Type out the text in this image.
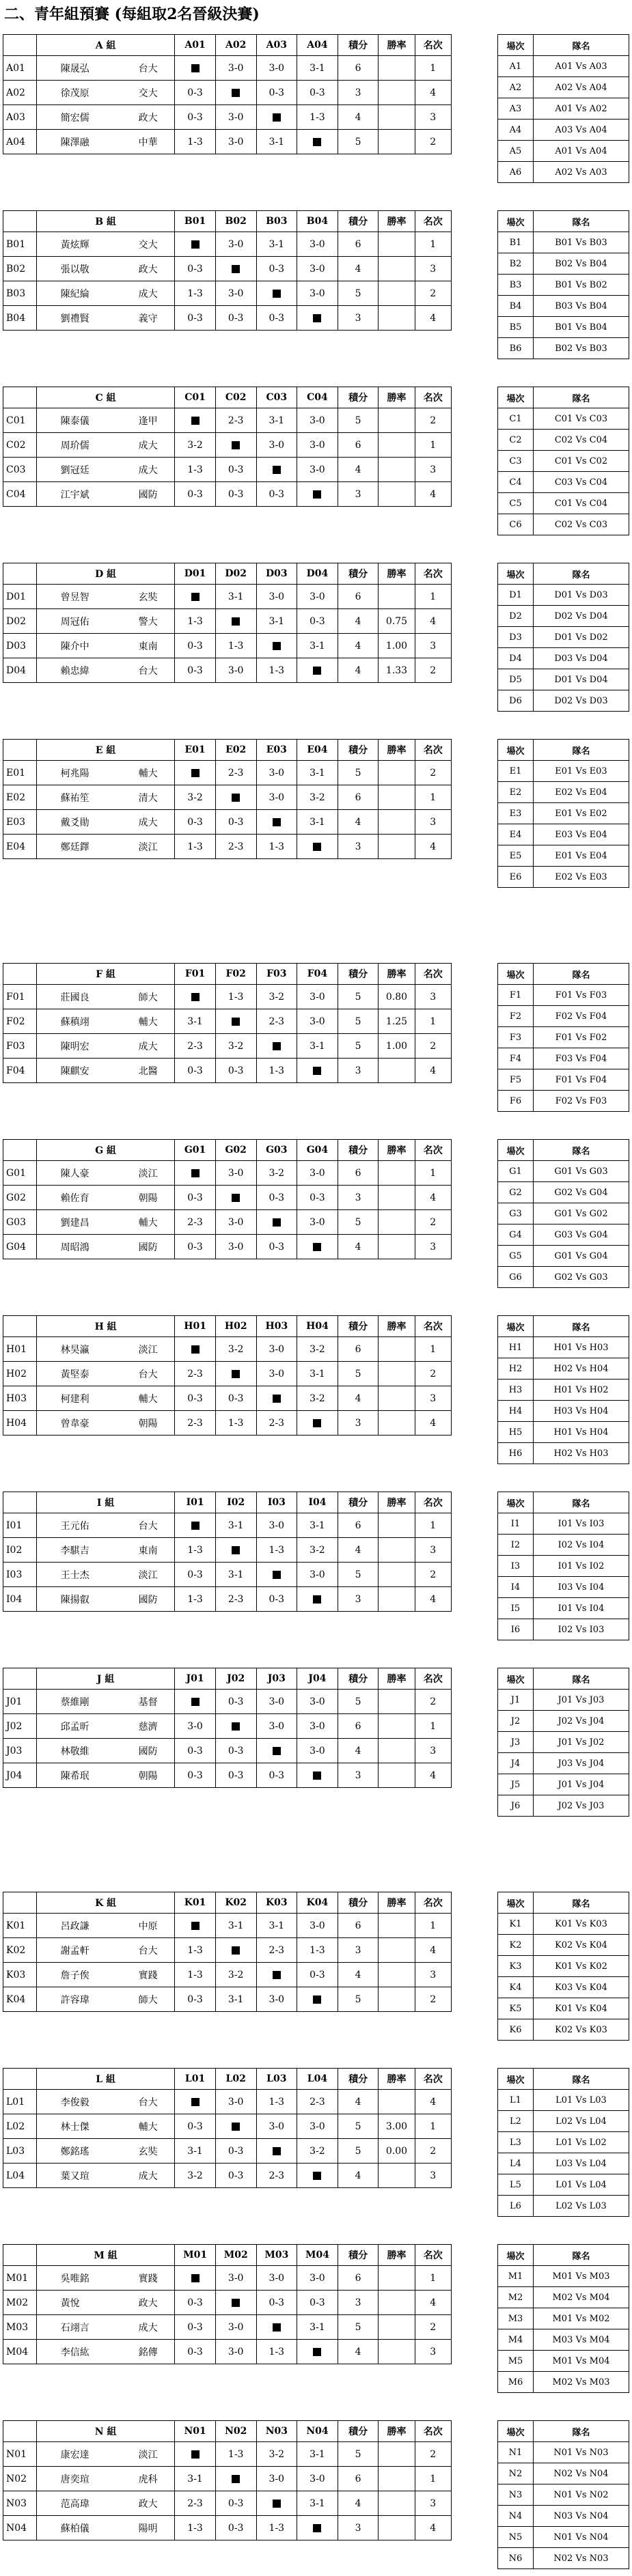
二、青年組預賽 (每組取2名晉級決賽)
	A 組	A01	A02	A03	A04	積分	勝率	名次
A01	陳晟弘 台大		3-0	3-0	3-1	6		1
A02	徐茂原 交大	0-3		0-3	0-3	3		4
A03	簡宏儒 政大	0-3	3-0		1-3	4		3
A04	陳澤融 中華	1-3	3-0	3-1		5		2
場次	隊名
A1	A01 Vs A03
A2	A02 Vs A04
A3	A01 Vs A02
A4	A03 Vs A04
A5	A01 Vs A04
A6	A02 Vs A03
	B 組	B01	B02	B03	B04	積分	勝率	名次
B01	黃炫輝 交大		3-0	3-1	3-0	6		1
B02	張以敬 政大	0-3		0-3	3-0	4		3
B03	陳紀綸 成大	1-3	3-0		3-0	5		2
B04	劉禮賢 義守	0-3	0-3	0-3		3		4
場次	隊名
B1	B01 Vs B03
B2	B02 Vs B04
B3	B01 Vs B02
B4	B03 Vs B04
B5	B01 Vs B04
B6	B02 Vs B03
	C 組	C01	C02	C03	C04	積分	勝率	名次
C01	陳泰儀 逢甲		2-3	3-1	3-0	5		2
C02	周玠儒 成大	3-2		3-0	3-0	6		1
C03	劉冠廷 成大	1-3	0-3		3-0	4		3
C04	江宇斌 國防	0-3	0-3	0-3		3		4
場次	隊名
C1	C01 Vs C03
C2	C02 Vs C04
C3	C01 Vs C02
C4	C03 Vs C04
C5	C01 Vs C04
C6	C02 Vs C03
	D 組	D01	D02	D03	D04	積分	勝率	名次
D01	曾昱智 玄奘		3-1	3-0	3-0	6		1
D02	周冠佑 警大	1-3		3-1	0-3	4	0.75	4
D03	陳介中 東南	0-3	1-3		3-1	4	1.00	3
D04	賴忠緯 台大	0-3	3-0	1-3		4	1.33	2
場次	隊名
D1	D01 Vs D03
D2	D02 Vs D04
D3	D01 Vs D02
D4	D03 Vs D04
D5	D01 Vs D04
D6	D02 Vs D03
	E 組	E01	E02	E03	E04	積分	勝率	名次
E01	柯兆陽 輔大		2-3	3-0	3-1	5		2
E02	蘇祐笙 清大	3-2		3-0	3-2	6		1
E03	戴爻勛 成大	0-3	0-3		3-1	4		3
E04	鄭廷鐸 淡江	1-3	2-3	1-3		3		4
場次	隊名
E1	E01 Vs E03
E2	E02 Vs E04
E3	E01 Vs E02
E4	E03 Vs E04
E5	E01 Vs E04
E6	E02 Vs E03
	F 組	F01	F02	F03	F04	積分	勝率	名次
F01	莊國良 師大		1-3	3-2	3-0	5	0.80	3
F02	蘇稹翊 輔大	3-1		2-3	3-0	5	1.25	1
F03	陳明宏 成大	2-3	3-2		3-1	5	1.00	2
F04	陳麒安 北醫	0-3	0-3	1-3		3		4
場次	隊名
F1	F01 Vs F03
F2	F02 Vs F04
F3	F01 Vs F02
F4	F03 Vs F04
F5	F01 Vs F04
F6	F02 Vs F03
	G 組	G01	G02	G03	G04	積分	勝率	名次
G01	陳人豪 淡江		3-0	3-2	3-0	6		1
G02	賴佐育 朝陽	0-3		0-3	0-3	3		4
G03	劉建昌 輔大	2-3	3-0		3-0	5		2
G04	周昭鴻 國防	0-3	3-0	0-3		4		3
場次	隊名
G1	G01 Vs G03
G2	G02 Vs G04
G3	G01 Vs G02
G4	G03 Vs G04
G5	G01 Vs G04
G6	G02 Vs G03
	H 組	H01	H02	H03	H04	積分	勝率	名次
H01	林昊瀛 淡江		3-2	3-0	3-2	6		1
H02	黃堅泰 台大	2-3		3-0	3-1	5		2
H03	柯建利 輔大	0-3	0-3		3-2	4		3
H04	曾韋豪 朝陽	2-3	1-3	2-3		3		4
場次	隊名
H1	H01 Vs H03
H2	H02 Vs H04
H3	H01 Vs H02
H4	H03 Vs H04
H5	H01 Vs H04
H6	H02 Vs H03
	I 組	I01	I02	I03	I04	積分	勝率	名次
I01	王元佑 台大		3-1	3-0	3-1	6		1
I02	李騏吉 東南	1-3		1-3	3-2	4		3
I03	王士杰 淡江	0-3	3-1		3-0	5		2
I04	陳揚叡 國防	1-3	2-3	0-3		3		4
場次	隊名
I1	I01 Vs I03
I2	I02 Vs I04
I3	I01 Vs I02
I4	I03 Vs I04
I5	I01 Vs I04
I6	I02 Vs I03
	J 組	J01	J02	J03	J04	積分	勝率	名次
J01	蔡維剛 基督		0-3	3-0	3-0	5		2
J02	邱孟昕 慈濟	3-0		3-0	3-0	6		1
J03	林敬維 國防	0-3	0-3		3-0	4		3
J04	陳希珉 朝陽	0-3	0-3	0-3		3		4
場次	隊名
J1	J01 Vs J03
J2	J02 Vs J04
J3	J01 Vs J02
J4	J03 Vs J04
J5	J01 Vs J04
J6	J02 Vs J03
	K 組	K01	K02	K03	K04	積分	勝率	名次
K01	呂政謙 中原		3-1	3-1	3-0	6		1
K02	謝孟軒 台大	1-3		2-3	1-3	3		4
K03	詹子俟 實踐	1-3	3-2		0-3	4		3
K04	許容瑋 師大	0-3	3-1	3-0		5		2
場次	隊名
K1	K01 Vs K03
K2	K02 Vs K04
K3	K01 Vs K02
K4	K03 Vs K04
K5	K01 Vs K04
K6	K02 Vs K03
	L 組	L01	L02	L03	L04	積分	勝率	名次
L01	李俊毅 台大		3-0	1-3	2-3	4		4
L02	林士傑 輔大	0-3		3-0	3-0	5	3.00	1
L03	鄭銘瑤 玄奘	3-1	0-3		3-2	5	0.00	2
L04	葉又瑄 成大	3-2	0-3	2-3		4		3
場次	隊名
L1	L01 Vs L03
L2	L02 Vs L04
L3	L01 Vs L02
L4	L03 Vs L04
L5	L01 Vs L04
L6	L02 Vs L03
	M 組	M01	M02	M03	M04	積分	勝率	名次
M01	吳唯銘 實踐		3-0	3-0	3-0	6		1
M02	黃悅 政大	0-3		0-3	0-3	3		4
M03	石翊言 成大	0-3	3-0		3-1	5		2
M04	李信紘 銘傳	0-3	3-0	1-3		4		3
場次	隊名
M1	M01 Vs M03
M2	M02 Vs M04
M3	M01 Vs M02
M4	M03 Vs M04
M5	M01 Vs M04
M6	M02 Vs M03
	N 組	N01	N02	N03	N04	積分	勝率	名次
N01	康宏達 淡江		1-3	3-2	3-1	5		2
N02	唐奕瑄 虎科	3-1		3-0	3-0	6		1
N03	范高瑋 政大	2-3	0-3		3-1	4		3
N04	蘇柏儀 陽明	1-3	0-3	1-3		3		4
場次	隊名
N1	N01 Vs N03
N2	N02 Vs N04
N3	N01 Vs N02
N4	N03 Vs N04
N5	N01 Vs N04
N6	N02 Vs N03
